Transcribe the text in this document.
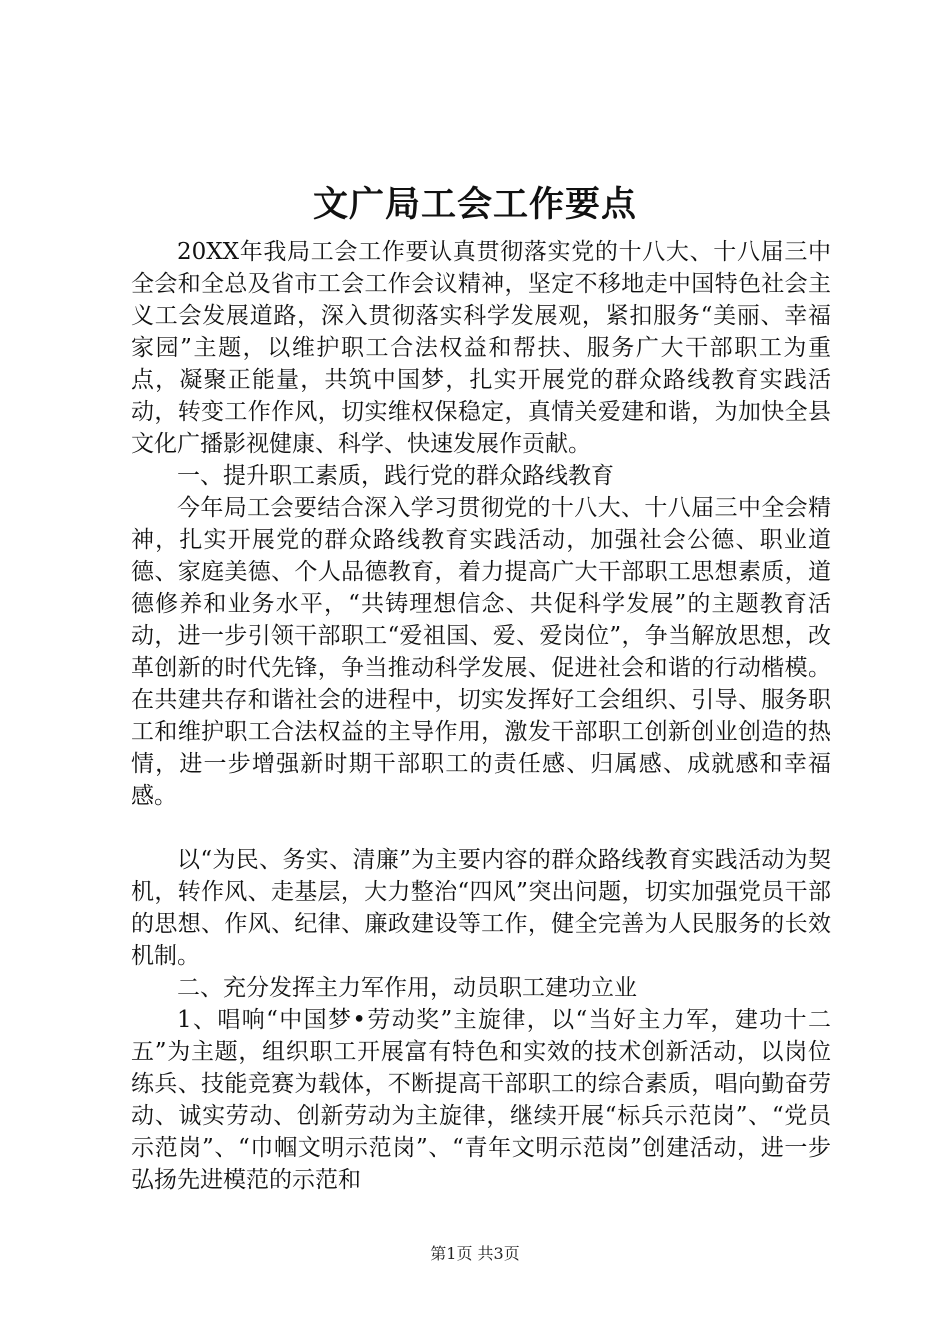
文广局工会工作要点

20XX年我局工会工作要认真贯彻落实党的十八大、十八届三中全会和全总及省市工会工作会议精神，坚定不移地走中国特色社会主义工会发展道路，深入贯彻落实科学发展观，紧扣服务“美丽、幸福家园”主题，以维护职工合法权益和帮扶、服务广大干部职工为重点，凝聚正能量，共筑中国梦，扎实开展党的群众路线教育实践活动，转变工作作风，切实维权保稳定，真情关爱建和谐，为加快全县文化广播影视健康、科学、快速发展作贡献。

一、提升职工素质，践行党的群众路线教育

今年局工会要结合深入学习贯彻党的十八大、十八届三中全会精神，扎实开展党的群众路线教育实践活动，加强社会公德、职业道德、家庭美德、个人品德教育，着力提高广大干部职工思想素质，道德修养和业务水平，“共铸理想信念、共促科学发展”的主题教育活动，进一步引领干部职工“爱祖国、爱、爱岗位”，争当解放思想，改革创新的时代先锋，争当推动科学发展、促进社会和谐的行动楷模。在共建共存和谐社会的进程中，切实发挥好工会组织、引导、服务职工和维护职工合法权益的主导作用，激发干部职工创新创业创造的热情，进一步增强新时期干部职工的责任感、归属感、成就感和幸福感。

以“为民、务实、清廉”为主要内容的群众路线教育实践活动为契机，转作风、走基层，大力整治“四风”突出问题，切实加强党员干部的思想、作风、纪律、廉政建设等工作，健全完善为人民服务的长效机制。

二、充分发挥主力军作用，动员职工建功立业

1、唱响“中国梦•劳动奖”主旋律，以“当好主力军，建功十二五”为主题，组织职工开展富有特色和实效的技术创新活动，以岗位练兵、技能竞赛为载体，不断提高干部职工的综合素质，唱向勤奋劳动、诚实劳动、创新劳动为主旋律，继续开展“标兵示范岗”、“党员示范岗”、“巾帼文明示范岗”、“青年文明示范岗”创建活动，进一步弘扬先进模范的示范和

第1页 共3页
